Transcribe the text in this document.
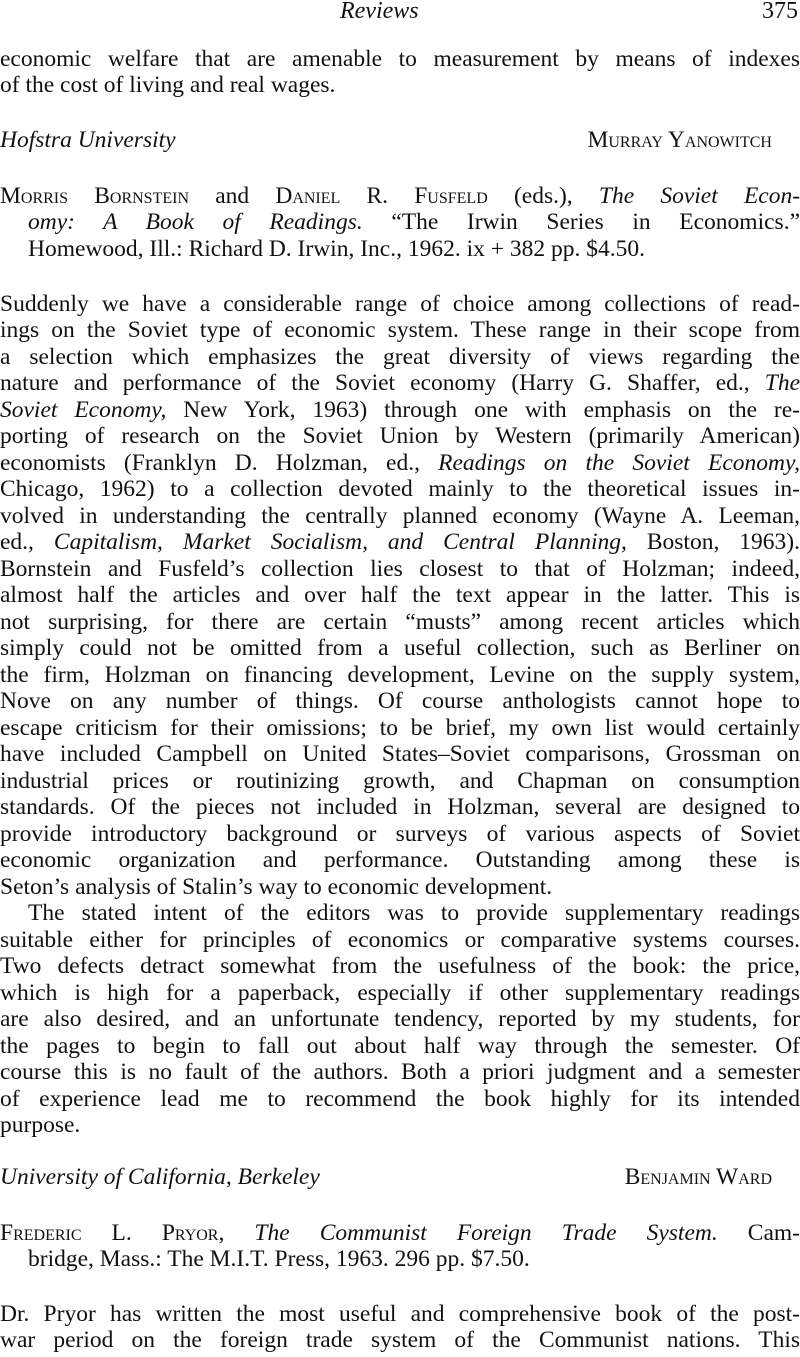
Reviews	375
economic welfare that are amenable to measurement by means of indexes
of the cost of living and real wages.
Hofstra University	Murray Yanowitch
Morris Bornstein and Daniel R. Fusfeld (eds.), The Soviet Econ-
omy: A Book of Readings. “The Irwin Series in Economics.”
Homewood, Ill.: Richard D. Irwin, Inc., 1962. ix + 382 pp. $4.50.
Suddenly we have a considerable range of choice among collections of read-
ings on the Soviet type of economic system. These range in their scope from
a selection which emphasizes the great diversity of views regarding the
nature and performance of the Soviet economy (Harry G. Shaffer, ed., The
Soviet Economy, New York, 1963) through one with emphasis on the re-
porting of research on the Soviet Union by Western (primarily American)
economists (Franklyn D. Holzman, ed., Readings on the Soviet Economy,
Chicago, 1962) to a collection devoted mainly to the theoretical issues in-
volved in understanding the centrally planned economy (Wayne A. Leeman,
ed., Capitalism, Market Socialism, and Central Planning, Boston, 1963).
Bornstein and Fusfeld’s collection lies closest to that of Holzman; indeed,
almost half the articles and over half the text appear in the latter. This is
not surprising, for there are certain “musts” among recent articles which
simply could not be omitted from a useful collection, such as Berliner on
the firm, Holzman on financing development, Levine on the supply system,
Nove on any number of things. Of course anthologists cannot hope to
escape criticism for their omissions; to be brief, my own list would certainly
have included Campbell on United States–Soviet comparisons, Grossman on
industrial prices or routinizing growth, and Chapman on consumption
standards. Of the pieces not included in Holzman, several are designed to
provide introductory background or surveys of various aspects of Soviet
economic organization and performance. Outstanding among these is
Seton’s analysis of Stalin’s way to economic development.
The stated intent of the editors was to provide supplementary readings
suitable either for principles of economics or comparative systems courses.
Two defects detract somewhat from the usefulness of the book: the price,
which is high for a paperback, especially if other supplementary readings
are also desired, and an unfortunate tendency, reported by my students, for
the pages to begin to fall out about half way through the semester. Of
course this is no fault of the authors. Both a priori judgment and a semester
of experience lead me to recommend the book highly for its intended
purpose.
University of California, Berkeley	Benjamin Ward
Frederic L. Pryor, The Communist Foreign Trade System. Cam-
bridge, Mass.: The M.I.T. Press, 1963. 296 pp. $7.50.
Dr. Pryor has written the most useful and comprehensive book of the post-
war period on the foreign trade system of the Communist nations. This
